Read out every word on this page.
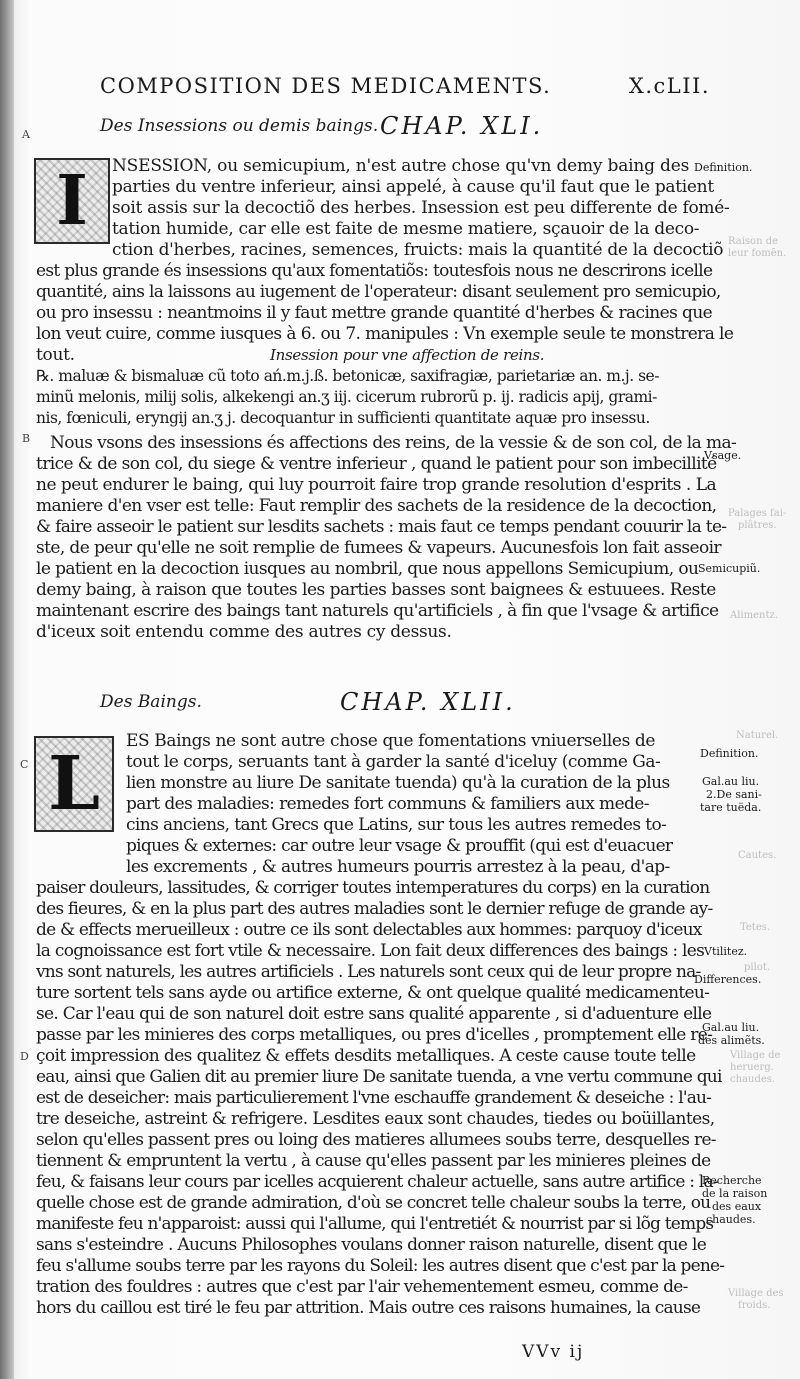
COMPOSITION DES MEDICAMENTS.	X.cLII.
Des Insessions ou demis baings. CHAP. XLI.
I	NSESSION, ou semicupium, n'est autre chose qu'vn demy baing des
parties du ventre inferieur, ainsi appelé, à cause qu'il faut que le patient
soit assis sur la decoctiõ des herbes. Insession est peu differente de fomé-
tation humide, car elle est faite de mesme matiere, sçauoir de la deco-
ction d'herbes, racines, semences, fruicts: mais la quantité de la decoctiõ
est plus grande és insessions qu'aux fomentatiõs: toutesfois nous ne descrirons icelle
quantité, ains la laissons au iugement de l'operateur: disant seulement pro semicupio,
ou pro insessu : neantmoins il y faut mettre grande quantité d'herbes & racines que
lon veut cuire, comme iusques à 6. ou 7. manipules : Vn exemple seule te monstrera le
tout.	Insession pour vne affection de reins.
℞. maluæ & bismaluæ cũ toto ań.m.j.ß. betonicæ, saxifragiæ, parietariæ an. m.j. se-
minũ melonis, milij solis, alkekengi an.ʒ iij. cicerum rubrorũ p. ij. radicis apij, grami-
nis, fœniculi, eryngij an.ʒ j. decoquantur in sufficienti quantitate aquæ pro insessu.
Nous vsons des insessions és affections des reins, de la vessie & de son col, de la ma-
trice & de son col, du siege & ventre inferieur , quand le patient pour son imbecillité
ne peut endurer le baing, qui luy pourroit faire trop grande resolution d'esprits . La
maniere d'en vser est telle: Faut remplir des sachets de la residence de la decoction,
& faire asseoir le patient sur lesdits sachets : mais faut ce temps pendant couurir la te-
ste, de peur qu'elle ne soit remplie de fumees & vapeurs. Aucunesfois lon fait asseoir
le patient en la decoction iusques au nombril, que nous appellons Semicupium, ou
demy baing, à raison que toutes les parties basses sont baignees & estuuees. Reste
maintenant escrire des baings tant naturels qu'artificiels , à fin que l'vsage & artifice
d'iceux soit entendu comme des autres cy dessus.
Des Baings.	CHAP. XLII.
L	ES Baings ne sont autre chose que fomentations vniuerselles de
tout le corps, seruants tant à garder la santé d'iceluy (comme Ga-
lien monstre au liure De sanitate tuenda) qu'à la curation de la plus
part des maladies: remedes fort communs & familiers aux mede-
cins anciens, tant Grecs que Latins, sur tous les autres remedes to-
piques & externes: car outre leur vsage & prouffit (qui est d'euacuer
les excrements , & autres humeurs pourris arrestez à la peau, d'ap-
paiser douleurs, lassitudes, & corriger toutes intemperatures du corps) en la curation
des fieures, & en la plus part des autres maladies sont le dernier refuge de grande ay-
de & effects merueilleux : outre ce ils sont delectables aux hommes: parquoy d'iceux
la cognoissance est fort vtile & necessaire. Lon fait deux differences des baings : les
vns sont naturels, les autres artificiels . Les naturels sont ceux qui de leur propre na-
ture sortent tels sans ayde ou artifice externe, & ont quelque qualité medicamenteu-
se. Car l'eau qui de son naturel doit estre sans qualité apparente , si d'aduenture elle
passe par les minieres des corps metalliques, ou pres d'icelles , promptement elle re-
çoit impression des qualitez & effets desdits metalliques. A ceste cause toute telle
eau, ainsi que Galien dit au premier liure De sanitate tuenda, a vne vertu commune qui
est de deseicher: mais particulierement l'vne eschauffe grandement & deseiche : l'au-
tre deseiche, astreint & refrigere. Lesdites eaux sont chaudes, tiedes ou boüillantes,
selon qu'elles passent pres ou loing des matieres allumees soubs terre, desquelles re-
tiennent & empruntent la vertu , à cause qu'elles passent par les minieres pleines de
feu, & faisans leur cours par icelles acquierent chaleur actuelle, sans autre artifice : la-
quelle chose est de grande admiration, d'où se concret telle chaleur soubs la terre, ou
manifeste feu n'apparoist: aussi qui l'allume, qui l'entretiét & nourrist par si lõg temps
sans s'esteindre . Aucuns Philosophes voulans donner raison naturelle, disent que le
feu s'allume soubs terre par les rayons du Soleil: les autres disent que c'est par la pene-
tration des fouldres : autres que c'est par l'air vehementement esmeu, comme de-
hors du caillou est tiré le feu par attrition. Mais outre ces raisons humaines, la cause
Definition.
Vsage.
Semicupiũ.
Definition.
Gal.au liu.
2.De sani-
tare tuëda.
Vtilitez.
Differences.
Gal.au liu.
des alimẽts.
Recherche
de la raison
des eaux
chaudes.
Raison de
leur fomẽn.
Palages fai-
plâtres.
Alimentz.
Naturel.
Cautes.
Tetes.
pilot.
Village de
heruerg.
chaudes.
Village des
froids.
A
B
C
D
VVv ij
